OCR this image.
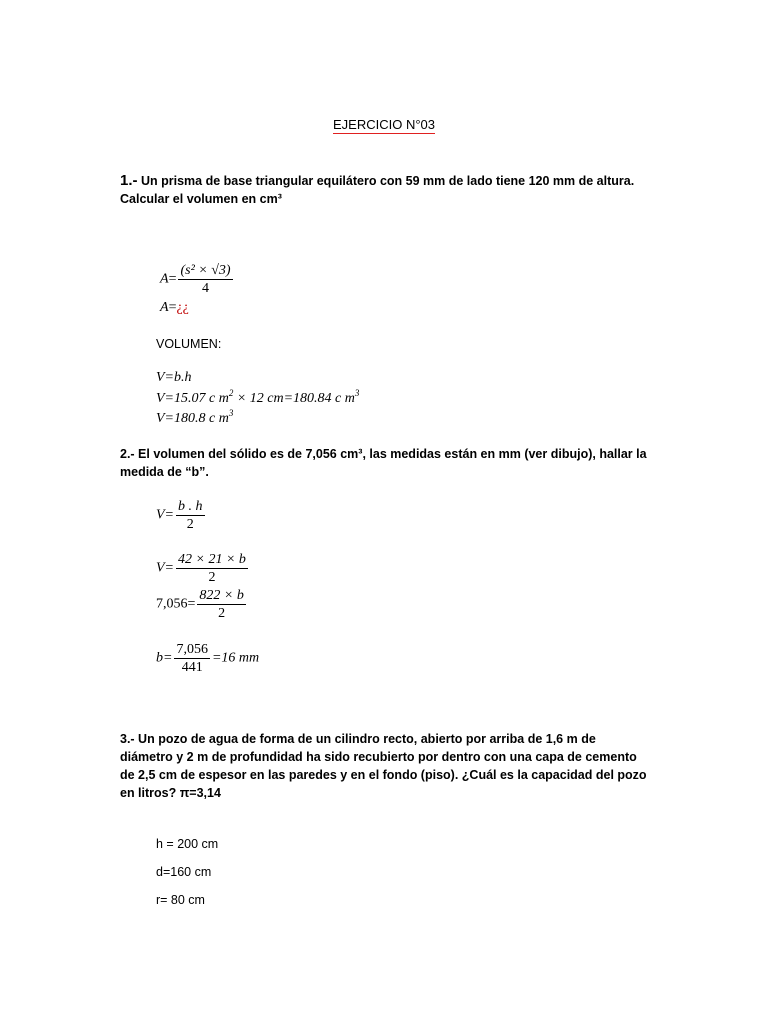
EJERCICIO N°03
1.- Un prisma de base triangular equilátero con 59 mm de lado tiene 120 mm de altura.
Calcular el volumen en cm³
$A= \frac{\text{(s² × √3)}}{4}$
A=¿¿
VOLUMEN:
V=b.h
V=15.07 c $m^2 \times 12$ cm=180.84 c $m^3$
V=180.8 c $m^3$
2.- El volumen del sólido es de 7,056 cm³, las medidas están en mm (ver dibujo), hallar la
medida de “b”.
$V= \frac{b . h}{2}$
$V= \frac{42 \times 21 \times b}{2}$
$7,056= \frac{822 \times b}{2}$
$b= \frac{7,056}{441} =16$ mm
3.- Un pozo de agua de forma de un cilindro recto, abierto por arriba de 1,6 m de
diámetro y 2 m de profundidad ha sido recubierto por dentro con una capa de cemento
de 2,5 cm de espesor en las paredes y en el fondo (piso). ¿Cuál es la capacidad del pozo
en litros? π=3,14
h = 200 cm
d=160 cm
r= 80 cm
